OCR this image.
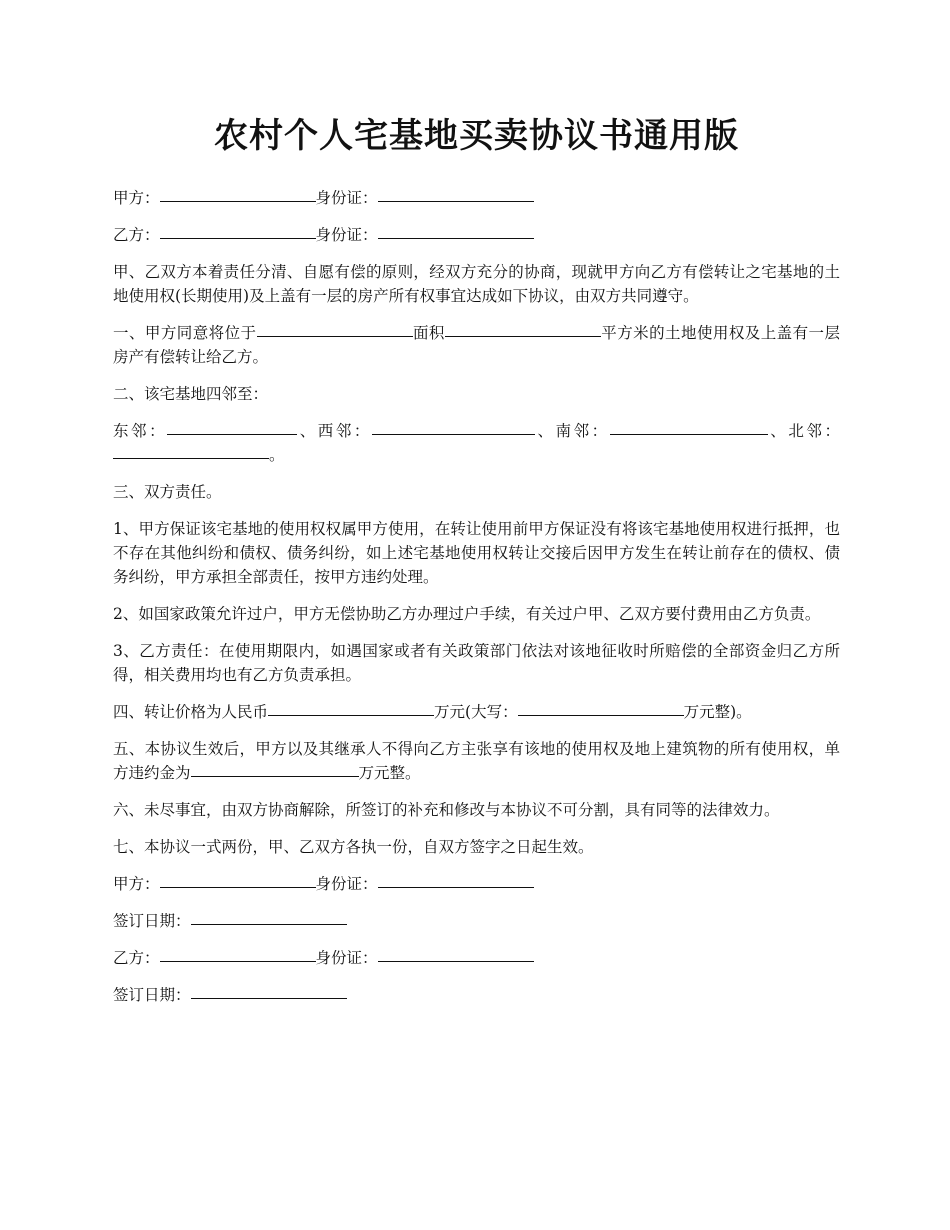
农村个人宅基地买卖协议书通用版

甲方：	身份证：

乙方：	身份证：

甲、乙双方本着责任分清、自愿有偿的原则，经双方充分的协商，现就甲方向乙方有偿转让之宅基地的土地使用权(长期使用)及上盖有一层的房产所有权事宜达成如下协议，由双方共同遵守。

一、甲方同意将位于	面积	平方米的土地使用权及上盖有一层房产有偿转让给乙方。

二、该宅基地四邻至：

东邻：	、西邻：	、南邻：	、北邻：。

三、双方责任。

1、甲方保证该宅基地的使用权权属甲方使用，在转让使用前甲方保证没有将该宅基地使用权进行抵押，也不存在其他纠纷和债权、债务纠纷，如上述宅基地使用权转让交接后因甲方发生在转让前存在的债权、债务纠纷，甲方承担全部责任，按甲方违约处理。

2、如国家政策允许过户，甲方无偿协助乙方办理过户手续，有关过户甲、乙双方要付费用由乙方负责。

3、乙方责任：在使用期限内，如遇国家或者有关政策部门依法对该地征收时所赔偿的全部资金归乙方所得，相关费用均也有乙方负责承担。

四、转让价格为人民币	万元(大写：	万元整)。

五、本协议生效后，甲方以及其继承人不得向乙方主张享有该地的使用权及地上建筑物的所有使用权，单方违约金为	万元整。

六、未尽事宜，由双方协商解除，所签订的补充和修改与本协议不可分割，具有同等的法律效力。

七、本协议一式两份，甲、乙双方各执一份，自双方签字之日起生效。

甲方：	身份证：

签订日期：

乙方：	身份证：

签订日期：
